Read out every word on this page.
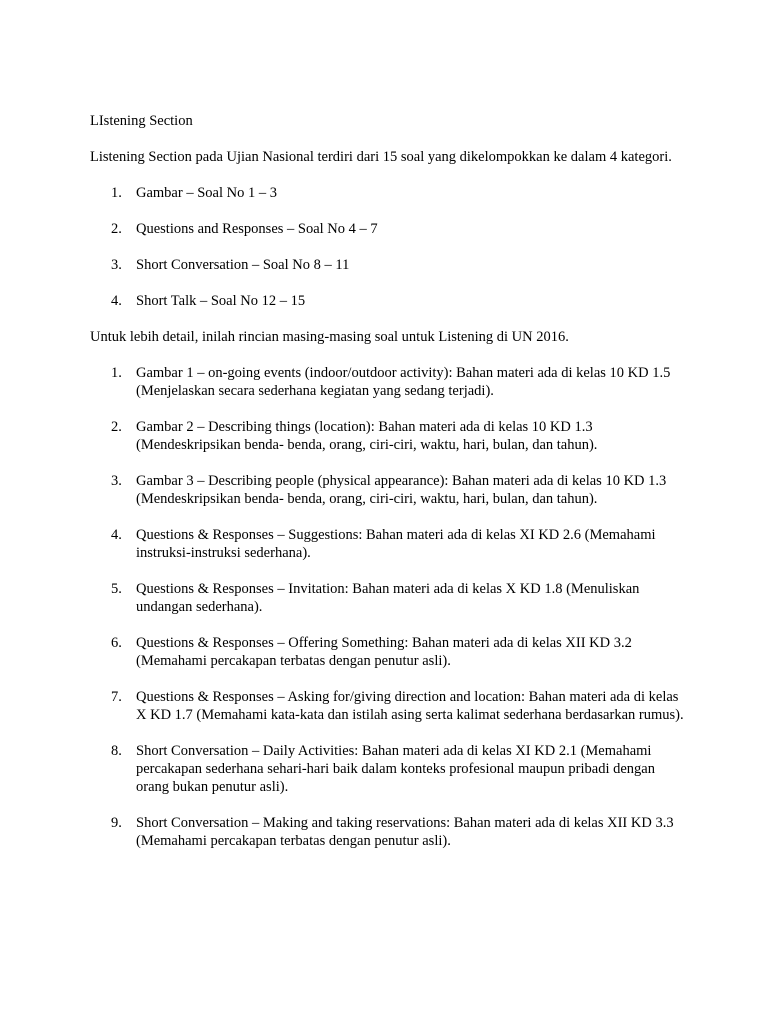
LIstening Section

Listening Section pada Ujian Nasional terdiri dari 15 soal yang dikelompokkan ke dalam 4 kategori.

1. Gambar – Soal No 1 – 3
2. Questions and Responses – Soal No 4 – 7
3. Short Conversation – Soal No 8 – 11
4. Short Talk – Soal No 12 – 15

Untuk lebih detail, inilah rincian masing-masing soal untuk Listening di UN 2016.

1. Gambar 1 – on-going events (indoor/outdoor activity): Bahan materi ada di kelas 10 KD 1.5 (Menjelaskan secara sederhana kegiatan yang sedang terjadi).
2. Gambar 2 – Describing things (location): Bahan materi ada di kelas 10 KD 1.3 (Mendeskripsikan benda- benda, orang, ciri-ciri, waktu, hari, bulan, dan tahun).
3. Gambar 3 – Describing people (physical appearance): Bahan materi ada di kelas 10 KD 1.3 (Mendeskripsikan benda- benda, orang, ciri-ciri, waktu, hari, bulan, dan tahun).
4. Questions & Responses – Suggestions: Bahan materi ada di kelas XI KD 2.6 (Memahami instruksi-instruksi sederhana).
5. Questions & Responses – Invitation: Bahan materi ada di kelas X KD 1.8 (Menuliskan undangan sederhana).
6. Questions & Responses – Offering Something: Bahan materi ada di kelas XII KD 3.2 (Memahami percakapan terbatas dengan penutur asli).
7. Questions & Responses – Asking for/giving direction and location: Bahan materi ada di kelas X KD 1.7 (Memahami kata-kata dan istilah asing serta kalimat sederhana berdasarkan rumus).
8. Short Conversation – Daily Activities: Bahan materi ada di kelas XI KD 2.1 (Memahami percakapan sederhana sehari-hari baik dalam konteks profesional maupun pribadi dengan orang bukan penutur asli).
9. Short Conversation – Making and taking reservations: Bahan materi ada di kelas XII KD 3.3 (Memahami percakapan terbatas dengan penutur asli).
